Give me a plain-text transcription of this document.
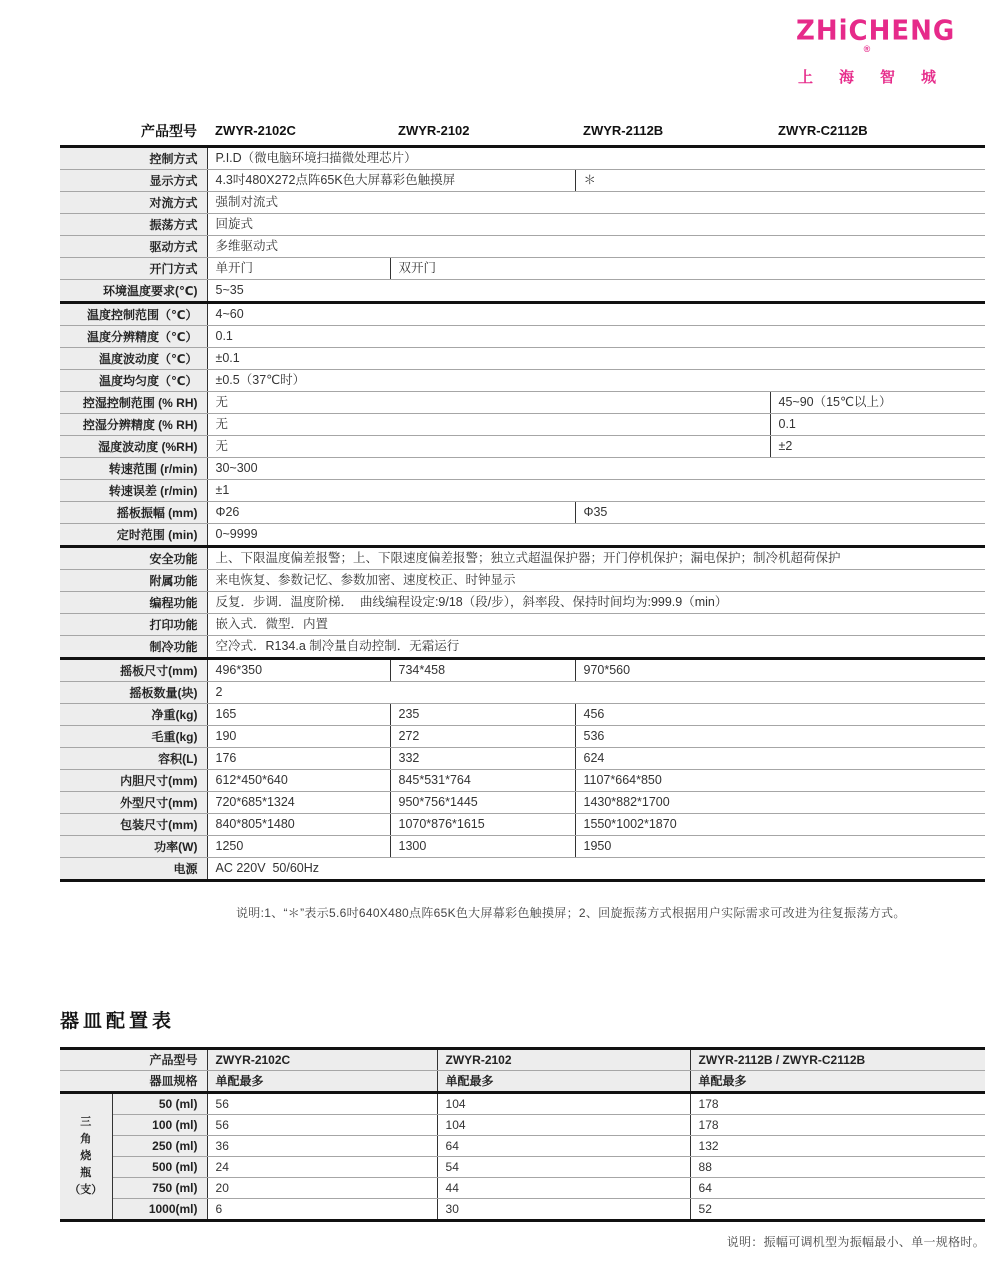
ZHiCHENG®
上 海 智 城
产品型号	ZWYR-2102C	ZWYR-2102	ZWYR-2112B	ZWYR-C2112B
控制方式	P.I.D（微电脑环境扫描微处理芯片）			
显示方式	4.3吋480X272点阵65K色大屏幕彩色触摸屏		＊	
对流方式	强制对流式			
振荡方式	回旋式			
驱动方式	多维驱动式			
开门方式	单开门	双开门		
环境温度要求(℃)	5~35			
温度控制范围（℃）	4~60			
温度分辨精度（℃）	0.1			
温度波动度（℃）	±0.1			
温度均匀度（℃）	±0.5（37℃时）			
控湿控制范围 (% RH)	无			45~90（15℃以上）
控湿分辨精度 (% RH)	无			0.1
湿度波动度 (%RH)	无			±2
转速范围 (r/min)	30~300			
转速误差 (r/min)	±1			
摇板振幅 (mm)	Φ26		Φ35	
定时范围 (min)	0~9999			
安全功能	上、下限温度偏差报警；上、下限速度偏差报警；独立式超温保护器；开门停机保护；漏电保护；制冷机超荷保护			
附属功能	来电恢复、参数记忆、参数加密、速度校正、时钟显示			
编程功能	反复．步调．温度阶梯．  曲线编程设定:9/18（段/步），斜率段、保持时间均为:999.9（min）			
打印功能	嵌入式．微型．内置			
制冷功能	空冷式．R134.a 制冷量自动控制．无霜运行			
摇板尺寸(mm)	496*350	734*458	970*560	
摇板数量(块)	2			
净重(kg)	165	235	456	
毛重(kg)	190	272	536	
容积(L)	176	332	624	
内胆尺寸(mm)	612*450*640	845*531*764	1107*664*850	
外型尺寸(mm)	720*685*1324	950*756*1445	1430*882*1700	
包装尺寸(mm)	840*805*1480	1070*876*1615	1550*1002*1870	
功率(W)	1250	1300	1950	
电源	AC 220V  50/60Hz			
说明:1、“＊”表示5.6吋640X480点阵65K色大屏幕彩色触摸屏；2、回旋振荡方式根据用户实际需求可改进为往复振荡方式。
器皿配置表
产品型号		ZWYR-2102C	ZWYR-2102	ZWYR-2112B / ZWYR-C2112B
器皿规格		单配最多	单配最多	单配最多

三
角
烧
瓶
（支）	50 (ml)	56	104	178
	100 (ml)	56	104	178
	250 (ml)	36	64	132
	500 (ml)	24	54	88
	750 (ml)	20	44	64
	1000(ml)	6	30	52
说明：振幅可调机型为振幅最小、单一规格时。
